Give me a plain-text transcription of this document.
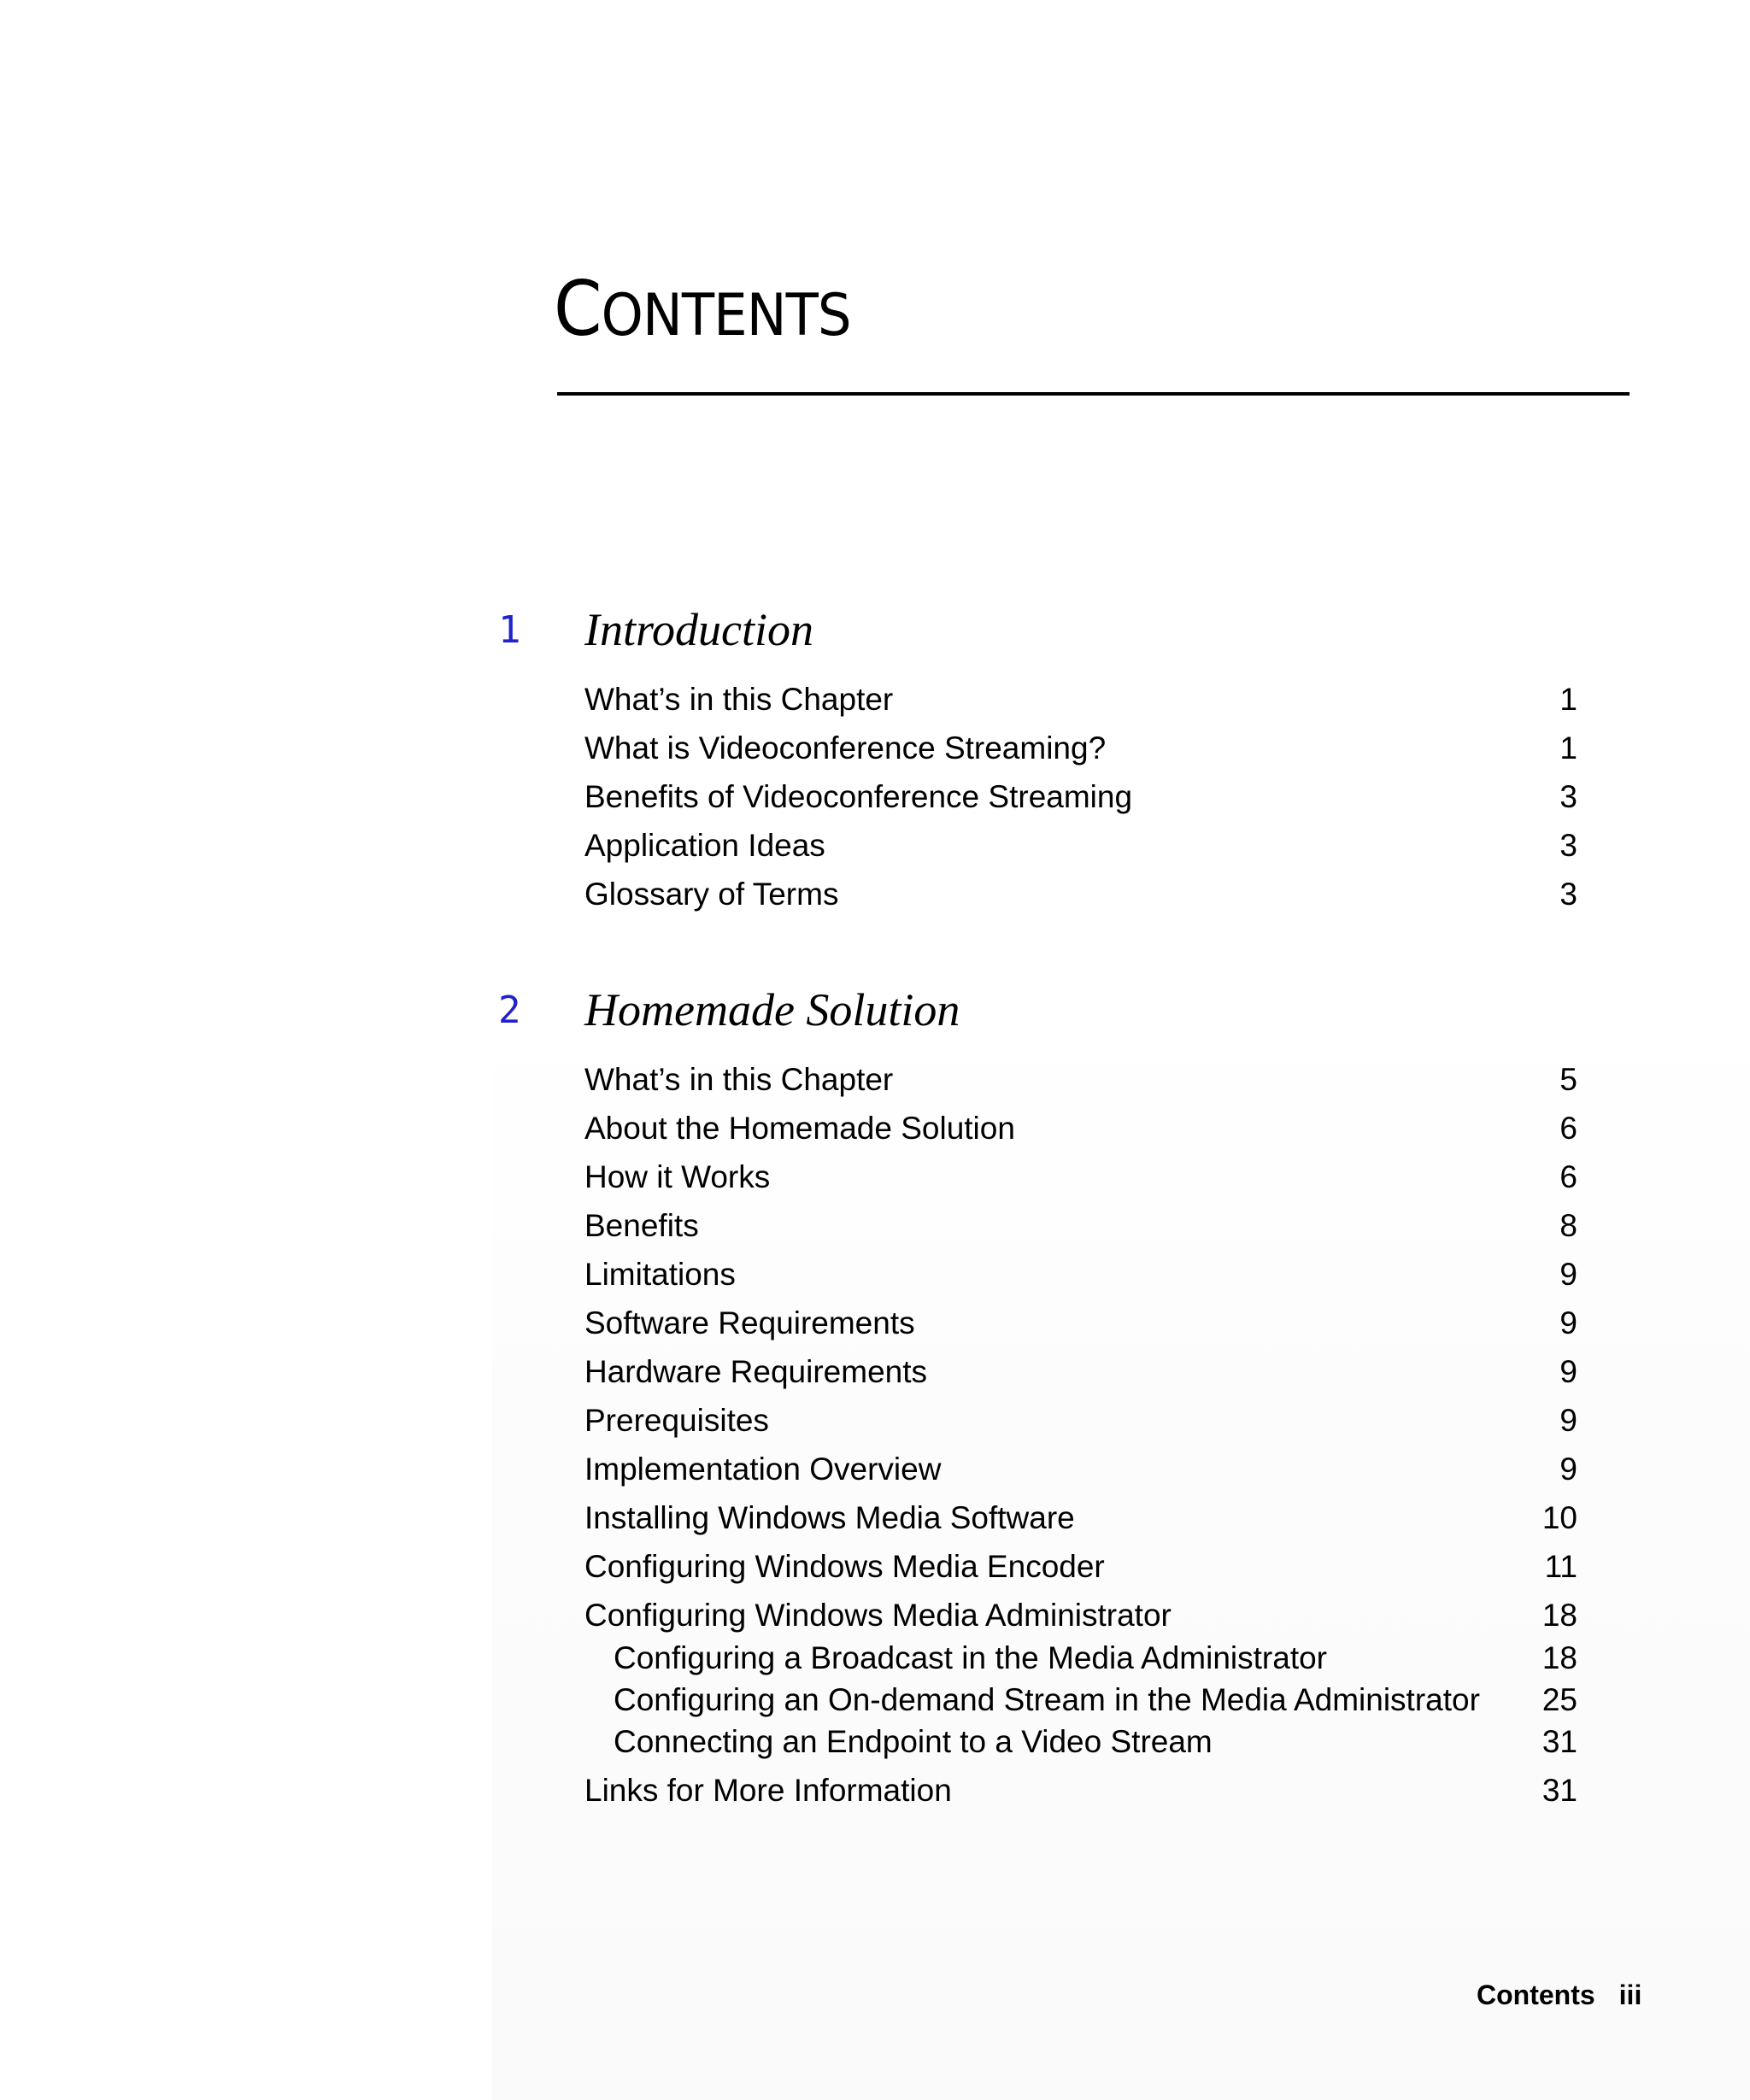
CONTENTS
1 Introduction
What’s in this Chapter	1
What is Videoconference Streaming?	1
Benefits of Videoconference Streaming	3
Application Ideas	3
Glossary of Terms	3
2 Homemade Solution
What’s in this Chapter	5
About the Homemade Solution	6
How it Works	6
Benefits	8
Limitations	9
Software Requirements	9
Hardware Requirements	9
Prerequisites	9
Implementation Overview	9
Installing Windows Media Software	10
Configuring Windows Media Encoder	11
Configuring Windows Media Administrator	18
Configuring a Broadcast in the Media Administrator	18
Configuring an On-demand Stream in the Media Administrator 25
Connecting an Endpoint to a Video Stream	31
Links for More Information	31
Contents iii
